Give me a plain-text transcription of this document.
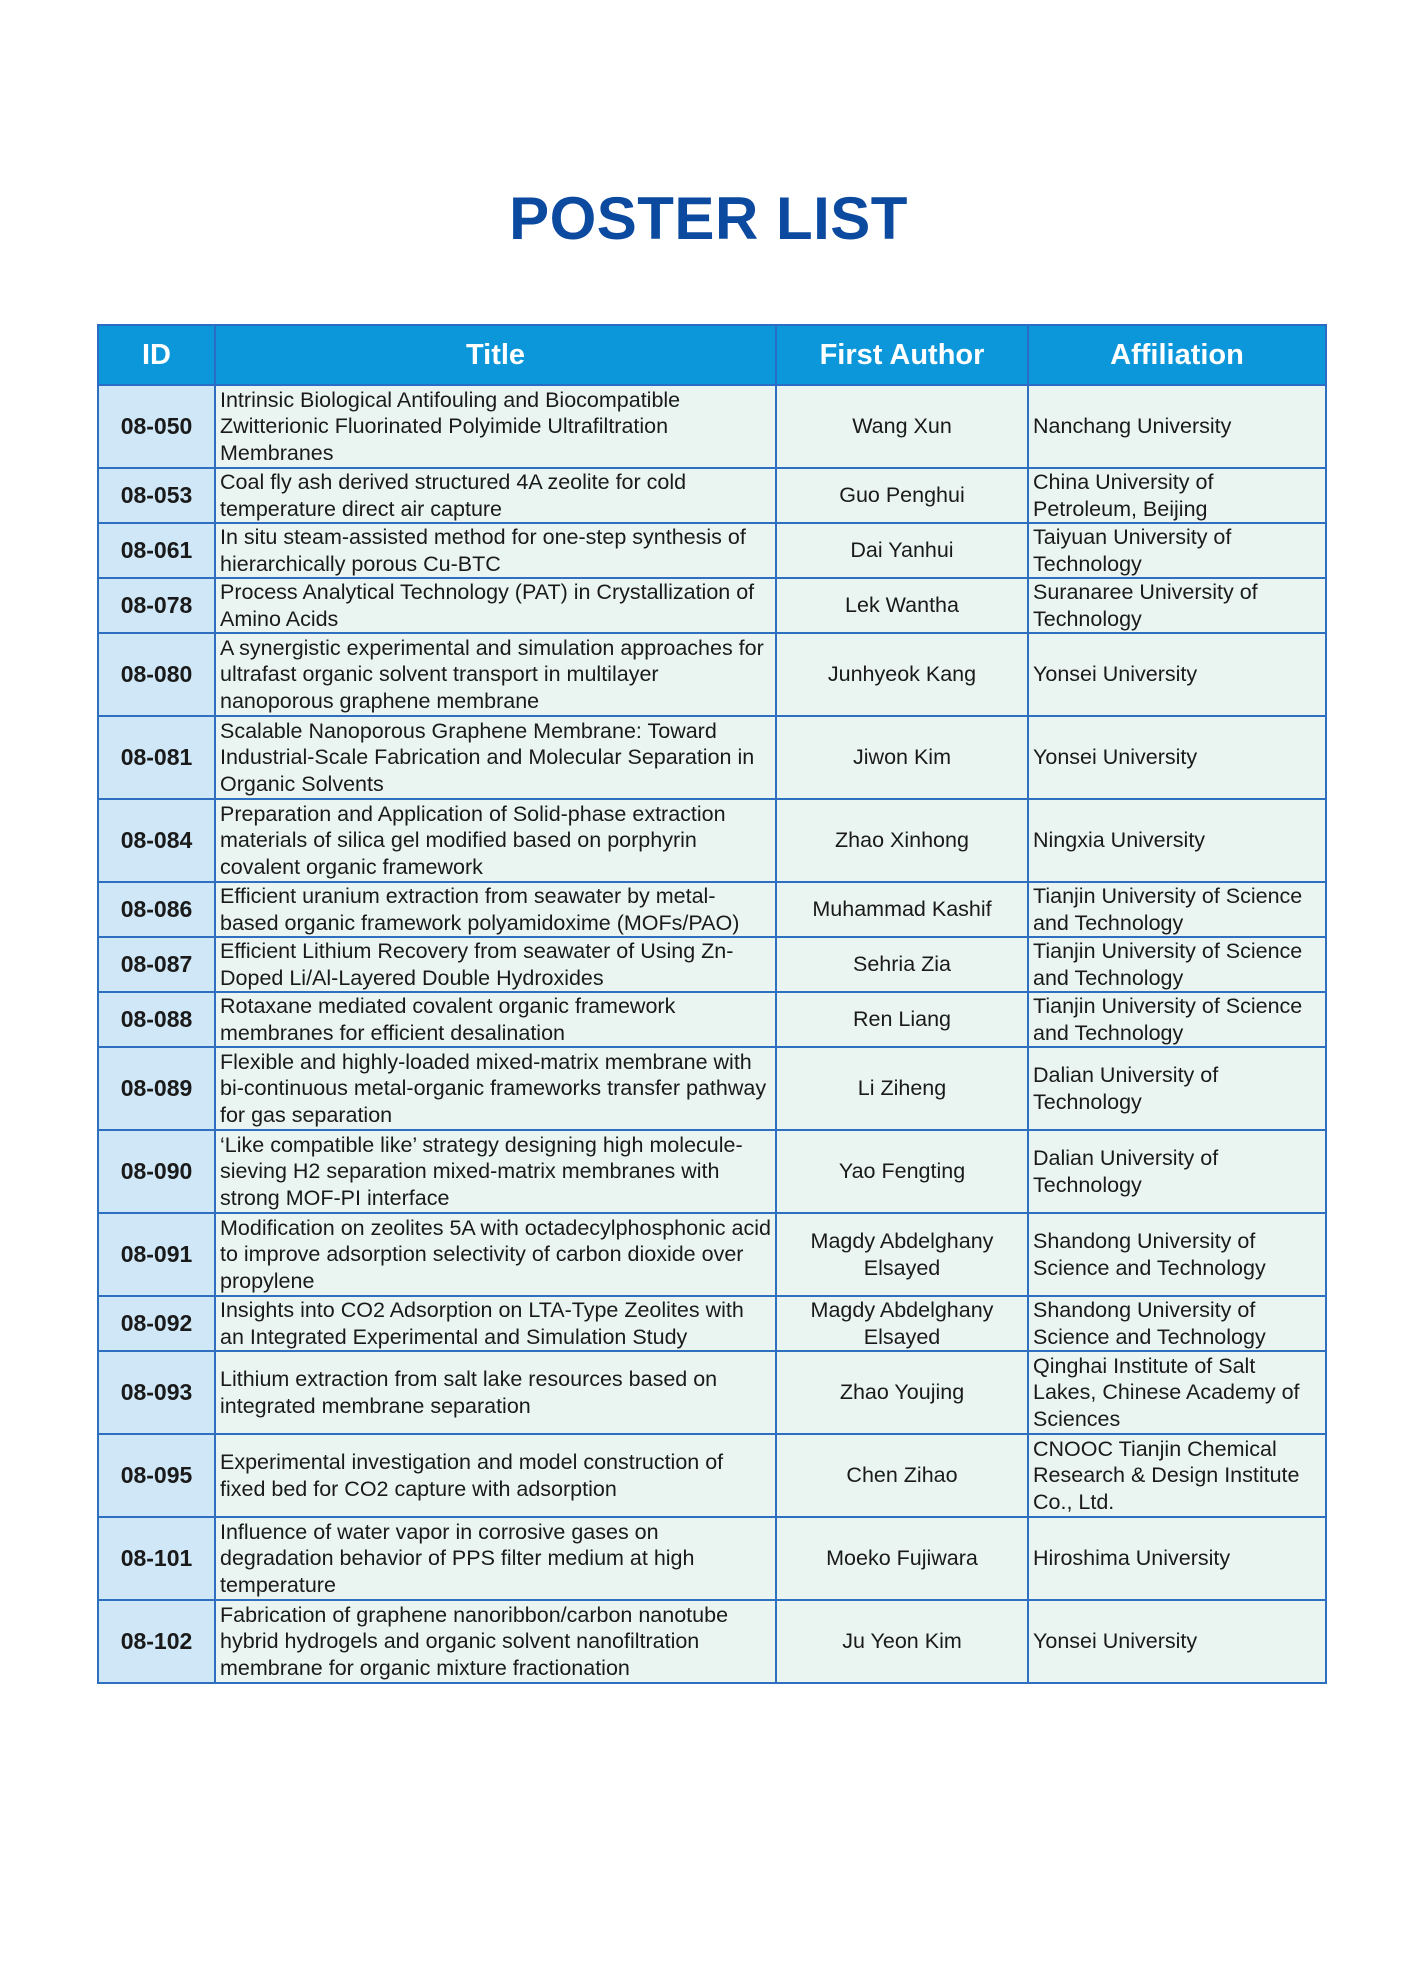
POSTER LIST
ID	Title	First Author	Affiliation
08-050	Intrinsic Biological Antifouling and Biocompatible Zwitterionic Fluorinated Polyimide Ultrafiltration Membranes	Wang Xun	Nanchang University
08-053	Coal fly ash derived structured 4A zeolite for cold temperature direct air capture	Guo Penghui	China University of Petroleum, Beijing
08-061	In situ steam-assisted method for one-step synthesis of hierarchically porous Cu-BTC	Dai Yanhui	Taiyuan University of Technology
08-078	Process Analytical Technology (PAT) in Crystallization of Amino Acids	Lek Wantha	Suranaree University of Technology
08-080	A synergistic experimental and simulation approaches for ultrafast organic solvent transport in multilayer nanoporous graphene membrane	Junhyeok Kang	Yonsei University
08-081	Scalable Nanoporous Graphene Membrane: Toward Industrial-Scale Fabrication and Molecular Separation in Organic Solvents	Jiwon Kim	Yonsei University
08-084	Preparation and Application of Solid-phase extraction materials of silica gel modified based on porphyrin covalent organic framework	Zhao Xinhong	Ningxia University
08-086	Efficient uranium extraction from seawater by metal-based organic framework polyamidoxime (MOFs/PAO)	Muhammad Kashif	Tianjin University of Science and Technology
08-087	Efficient Lithium Recovery from seawater of Using Zn-Doped Li/Al-Layered Double Hydroxides	Sehria Zia	Tianjin University of Science and Technology
08-088	Rotaxane mediated covalent organic framework membranes for efficient desalination	Ren Liang	Tianjin University of Science and Technology
08-089	Flexible and highly-loaded mixed-matrix membrane with bi-continuous metal-organic frameworks transfer pathway for gas separation	Li Ziheng	Dalian University of Technology
08-090	‘Like compatible like’ strategy designing high molecule-sieving H2 separation mixed-matrix membranes with strong MOF-PI interface	Yao Fengting	Dalian University of Technology
08-091	Modification on zeolites 5A with octadecylphosphonic acid to improve adsorption selectivity of carbon dioxide over propylene	Magdy Abdelghany Elsayed	Shandong University of Science and Technology
08-092	Insights into CO2 Adsorption on LTA-Type Zeolites with an Integrated Experimental and Simulation Study	Magdy Abdelghany Elsayed	Shandong University of Science and Technology
08-093	Lithium extraction from salt lake resources based on integrated membrane separation	Zhao Youjing	Qinghai Institute of Salt Lakes, Chinese Academy of Sciences
08-095	Experimental investigation and model construction of fixed bed for CO2 capture with adsorption	Chen Zihao	CNOOC Tianjin Chemical Research & Design Institute Co., Ltd.
08-101	Influence of water vapor in corrosive gases on degradation behavior of PPS filter medium at high temperature	Moeko Fujiwara	Hiroshima University
08-102	Fabrication of graphene nanoribbon/carbon nanotube hybrid hydrogels and organic solvent nanofiltration membrane for organic mixture fractionation	Ju Yeon Kim	Yonsei University
